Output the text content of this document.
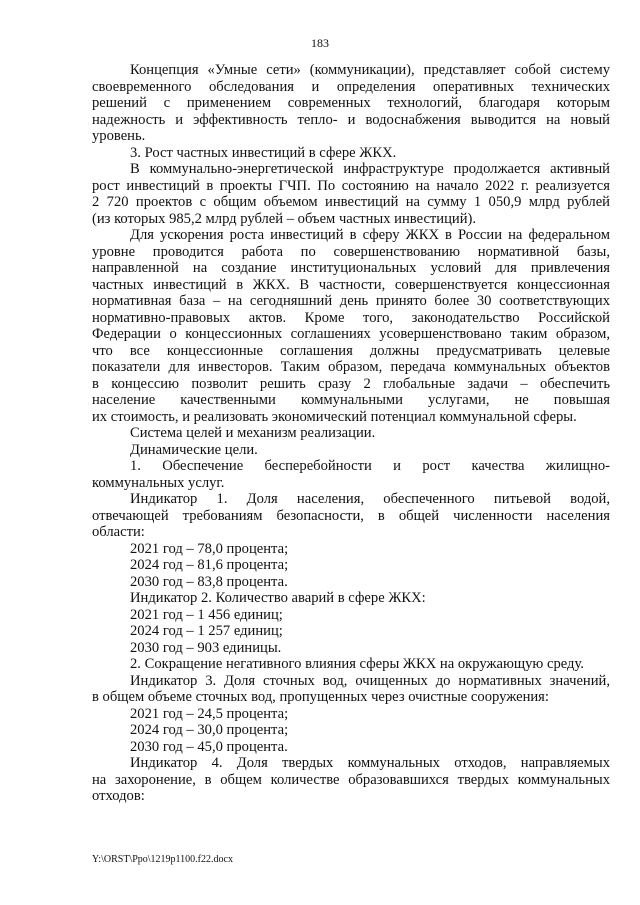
183
Концепция «Умные сети» (коммуникации), представляет собой систему
своевременного обследования и определения оперативных технических
решений с применением современных технологий, благодаря которым
надежность и эффективность тепло- и водоснабжения выводится на новый
уровень.
3. Рост частных инвестиций в сфере ЖКХ.
В коммунально-энергетической инфраструктуре продолжается активный
рост инвестиций в проекты ГЧП. По состоянию на начало 2022 г. реализуется
2 720 проектов с общим объемом инвестиций на сумму 1 050,9 млрд рублей
(из которых 985,2 млрд рублей – объем частных инвестиций).
Для ускорения роста инвестиций в сферу ЖКХ в России на федеральном
уровне проводится работа по совершенствованию нормативной базы,
направленной на создание институциональных условий для привлечения
частных инвестиций в ЖКХ. В частности, совершенствуется концессионная
нормативная база – на сегодняшний день принято более 30 соответствующих
нормативно-правовых актов. Кроме того, законодательство Российской
Федерации о концессионных соглашениях усовершенствовано таким образом,
что все концессионные соглашения должны предусматривать целевые
показатели для инвесторов. Таким образом, передача коммунальных объектов
в концессию позволит решить сразу 2 глобальные задачи – обеспечить
население качественными коммунальными услугами, не повышая
их стоимость, и реализовать экономический потенциал коммунальной сферы.
Система целей и механизм реализации.
Динамические цели.
1. Обеспечение бесперебойности и рост качества жилищно-
коммунальных услуг.
Индикатор 1. Доля населения, обеспеченного питьевой водой,
отвечающей требованиям безопасности, в общей численности населения
области:
2021 год – 78,0 процента;
2024 год – 81,6 процента;
2030 год – 83,8 процента.
Индикатор 2. Количество аварий в сфере ЖКХ:
2021 год – 1 456 единиц;
2024 год – 1 257 единиц;
2030 год – 903 единицы.
2. Сокращение негативного влияния сферы ЖКХ на окружающую среду.
Индикатор 3. Доля сточных вод, очищенных до нормативных значений,
в общем объеме сточных вод, пропущенных через очистные сооружения:
2021 год – 24,5 процента;
2024 год – 30,0 процента;
2030 год – 45,0 процента.
Индикатор 4. Доля твердых коммунальных отходов, направляемых
на захоронение, в общем количестве образовавшихся твердых коммунальных
отходов:
Y:\ORST\Ppo\1219p1100.f22.docx
